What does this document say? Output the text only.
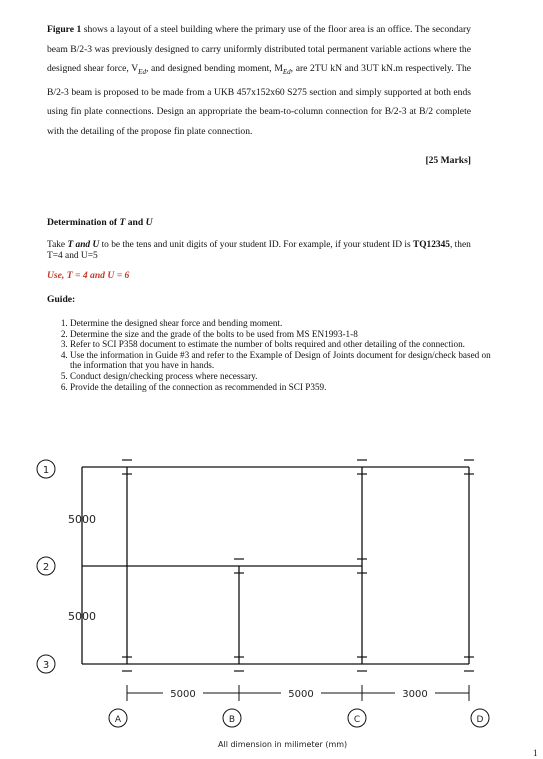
Figure 1 shows a layout of a steel building where the primary use of the floor area is an office. The secondary beam B/2-3 was previously designed to carry uniformly distributed total permanent variable actions where the designed shear force, $V_{Ed}$, and designed bending moment, $M_{Ed}$, are 2TU kN and 3UT kN.m respectively. The B/2-3 beam is proposed to be made from a UKB 457x152x60 S275 section and simply supported at both ends using fin plate connections. Design an appropriate the beam-to-column connection for B/2-3 at B/2 complete with the detailing of the propose fin plate connection.
[25 Marks]
Determination of T and U
Take T and U to be the tens and unit digits of your student ID. For example, if your student ID is TQ12345, then T=4 and U=5
Use, T = 4 and U = 6
Guide:
1. Determine the designed shear force and bending moment.
2. Determine the size and the grade of the bolts to be used from MS EN1993-1-8
3. Refer to SCI P358 document to estimate the number of bolts required and other detailing of the connection.
4. Use the information in Guide #3 and refer to the Example of Design of Joints document for design/check based on the information that you have in hands.
5. Conduct design/checking process where necessary.
6. Provide the detailing of the connection as recommended in SCI P359.
5000
5000
1
2
3
5000	5000	3000
A	B	C	D
All dimension in milimeter (mm)
1
